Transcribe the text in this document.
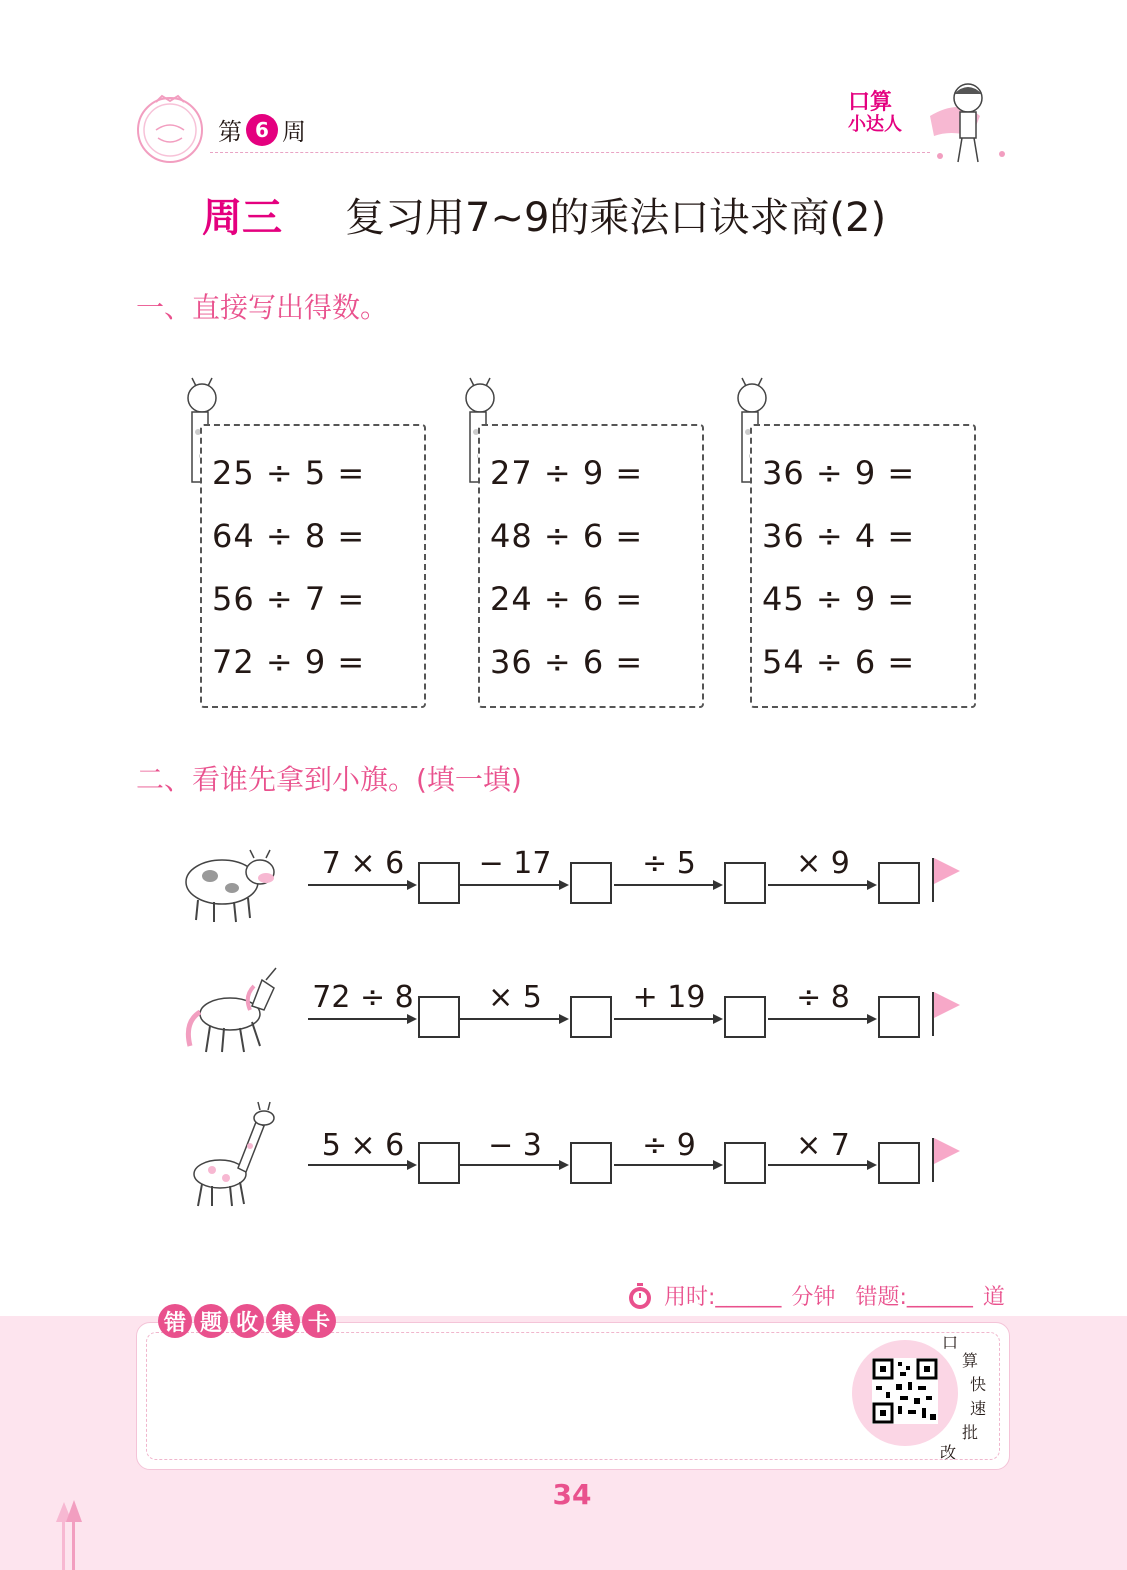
第 6 周
口算
小达人
周三 复习用7~9的乘法口诀求商(2)
一、直接写出得数。
25 ÷ 5 =
64 ÷ 8 =
56 ÷ 7 =
72 ÷ 9 =
27 ÷ 9 =
48 ÷ 6 =
24 ÷ 6 =
36 ÷ 6 =
36 ÷ 9 =
36 ÷ 4 =
45 ÷ 9 =
54 ÷ 6 =
二、看谁先拿到小旗。(填一填)
7 × 6	− 17	÷ 5	× 9
72 ÷ 8	× 5	+ 19	÷ 8
5 × 6	− 3	÷ 9	× 7
用时: ______ 分钟 错题: ______ 道
错 题 收 集 卡
口
算
快
速
批
改
34
